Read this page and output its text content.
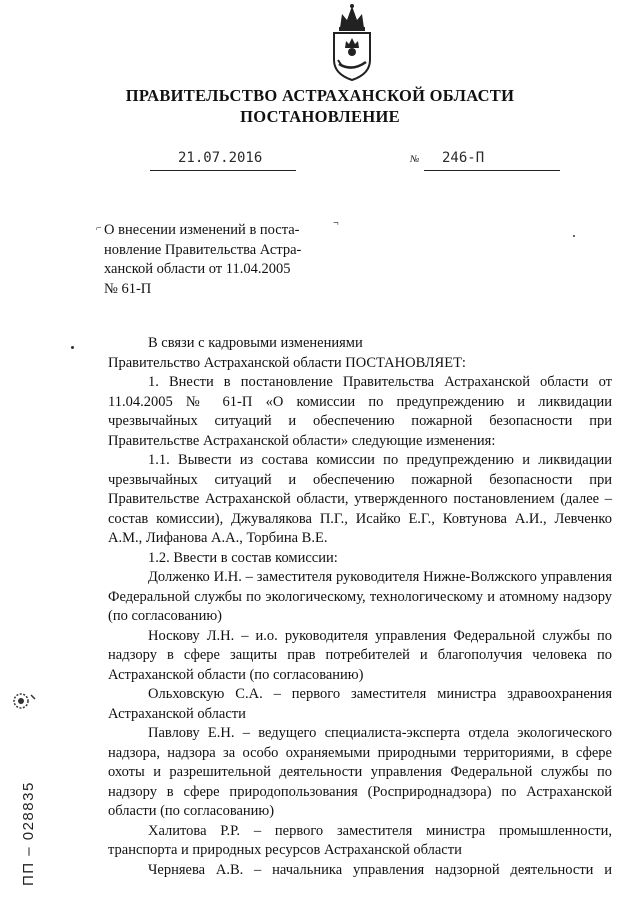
ПРАВИТЕЛЬСТВО АСТРАХАНСКОЙ ОБЛАСТИ
ПОСТАНОВЛЕНИЕ
21.07.2016	№ 246-П
⌐	¬
О внесении изменений в поста-
новление Правительства Астра-
ханской области от 11.04.2005
№ 61-П

В связи с кадровыми изменениями

Правительство Астраханской области ПОСТАНОВЛЯЕТ:

1. Внести в постановление Правительства Астраханской области от 11.04.2005 № 61-П «О комиссии по предупреждению и ликвидации чрезвычайных ситуаций и обеспечению пожарной безопасности при Правительстве Астраханской области» следующие изменения:

1.1. Вывести из состава комиссии по предупреждению и ликвидации чрезвычайных ситуаций и обеспечению пожарной безопасности при Правительстве Астраханской области, утвержденного постановлением (далее – состав комиссии), Джувалякова П.Г., Исайко Е.Г., Ковтунова А.И., Левченко А.М., Лифанова А.А., Торбина В.Е.

1.2. Ввести в состав комиссии:

Долженко И.Н. – заместителя руководителя Нижне-Волжского управления Федеральной службы по экологическому, технологическому и атомному надзору (по согласованию)

Носкову Л.Н. – и.о. руководителя управления Федеральной службы по надзору в сфере защиты прав потребителей и благополучия человека по Астраханской области (по согласованию)

Ольховскую С.А. – первого заместителя министра здравоохранения Астраханской области

Павлову Е.Н. – ведущего специалиста-эксперта отдела экологического надзора, надзора за особо охраняемыми природными территориями, в сфере охоты и разрешительной деятельности управления Федеральной службы по надзору в сфере природопользования (Росприроднадзора) по Астраханской области (по согласованию)

Халитова Р.Р. – первого заместителя министра промышленности, транспорта и природных ресурсов Астраханской области

Черняева А.В. – начальника управления надзорной деятельности и

ПП – 028835
